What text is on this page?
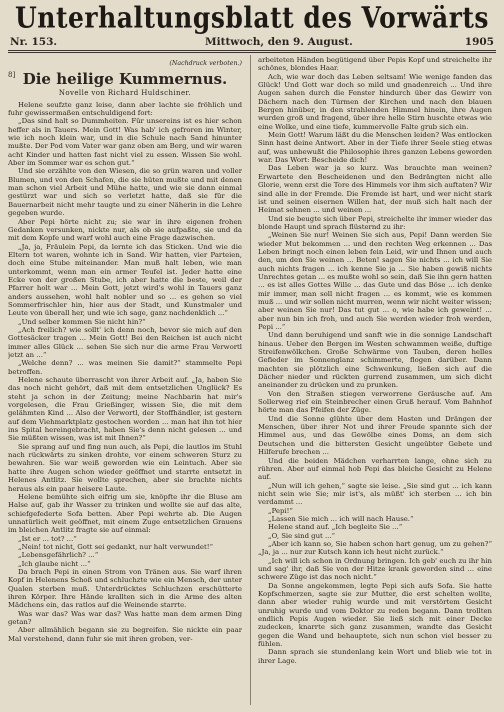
Unterhaltungsblatt des Vorwärts
Nr. 153.	Mittwoch, den 9. August.	1905
(Nachdruck verboten.)
Die heilige Kummernus.
Novelle von Richard Huldschiner.

Helene seufzte ganz leise, dann aber lachte sie fröhlich und fuhr gewissermaßen entschuldigend fort:

„Das sind halt so Dummheiten. Für unsereins ist es hier schon heffer als in Tauers. Mein Gott! Was hab' ich gefroren im Winter, wie ich noch klein war, und in die Schule nach Sand hinunter mußte. Der Pod vom Vater war ganz oben am Berg, und wir waren acht Kinder und hatten fast nicht viel zu essen. Wissen Sie wohl. Aber im Sommer war es schon gut.“

Und sie erzählte von den Wiesen, die so grün waren und voller Blumen, und von den Schafen, die sie hüten mußte und mit denen man schon viel Arbeit und Mühe hatte, und wie sie dann einmal gestürzt war und sich so verletzt hatte, daß sie für die Bauernarbeit nicht mehr taugte und zu einer Näherin in die Lehre gegeben wurde.

Aber Pepi hörte nicht zu; sie war in ihre eigenen frohen Gedanken versunken, nickte nur, als ob sie aufpaßte, sie und da mit dem Kopfe und warf wohl auch eine Frage dazwischen.

„Ja, ja, Fräulein Pepi, da lernte ich das Sticken. Und wie die Eltern tot waren, wohnte ich in Sand. Wir hatten, vier Parteien, doch eine Stube miteinander. Man muß halt leben, wie man unterkommt, wenn man ein armer Teufel ist. Jeder hatte eine Ecke von der großen Stube, ich aber hatte die beste, weil der Pfarrer holt war ... Mein Gott, jetzt wird's wohl in Tauers ganz anders aussehen, wohl halt nobler und so ... es gehen so viel Sommerfrischler hin, hier aus der Stadt, und Kunstmaler und Leute von überall her, und wie ich sage, ganz nachdenklich ...“

„Und selber kommen Sie nicht hin?“

„Ach freilich? wie sollt' ich denn noch, bevor sie mich auf den Gottesäcker tragen ... Mein Gott! Bei den Reichen ist auch nicht immer alles Glück ... sehen Sie sich nur die arme Frau Verwortl jetzt an ...“

„Welche denn? ... was meinen Sie damit?“ stammelte Pepi betroffen.

Helene schaute überrascht von ihrer Arbeit auf. „Ja, haben Sie das noch nicht gehört, daß mit dem entsetzlichen Unglück? Es steht ja schon in der Zeitung; meine Nachbarin hat mir's vorgelesen, die Frau Grießinger, wissen Sie, die mit dem gelähmten Kind ... Also der Verwortl, der Stoffhändler, ist gestern auf dem Viehmarktplatz gestochen worden ... man hat ihn tot hier ins Spital hereingebracht, haben Sie's denn nicht gelesen ... und Sie müßten wissen, was ist mit Ihnen?“

Sie sprang auf und fing nun auch, als Pepi, die lautlos im Stuhl nach rückwärts zu sinken drohte, vor einem schweren Sturz zu bewahren. Sie war weiß geworden wie ein Leintuch. Aber sie hatte ihre Augen schon wieder geöffnet und starrte entsetzt in Helenes Antlitz. Sie wollte sprechen, aber sie brachte nichts heraus als ein paar heisere Laute.

Helene bemühte sich eifrig um sie, knöpfte ihr die Bluse am Halse auf, gab ihr Wasser zu trinken und wollte sie auf das alte, schiefgefederte Sofa betten. Aber Pepi wehrte ab. Die Augen unnatürlich weit geöffnet, mit einem Zuge entsetzlichen Grauens im bleichen Antlitz fragte sie auf einmal:

„Ist er ... tot? ...“

„Nein! tot nicht, Gott sei gedankt, nur halt verwundet!“

„Lebensgefährlich? ...“

„Ich glaube nicht ...“

Da brach Pepi in einen Strom von Tränen aus. Sie warf ihren Kopf in Helenens Schoß und schluchzte wie ein Mensch, der unter Qualen sterben muß. Unterdrücktes Schluchzen erschütterte ihren Körper. Ihre Hände krallten sich in die Arme des alten Mädchens ein, das ratlos auf die Weinende starrte.

Was war das? Was war das? Was hatte man dem armen Ding getan?

Aber allmählich begann sie zu begreifen. Sie nickte ein paar Mal verstehend, dann fuhr sie mit ihren groben, ver-

8]

arbeiteten Händen begütigend über Pepis Kopf und streichelte ihr schönes, blondes Haar.

Ach, wie war doch das Leben seltsam! Wie wenige fanden das Glück! Und Gott war doch so mild und gnadenreich ... Und ihre Augen sahen durch die Fenster hindurch über das Gewirr von Dächern nach den Türmen der Kirchen und nach den blauen Bergen hinüber, in den strahlenden Himmel hinein, ihre Augen wurden groß und fragend, über ihre helle Stirn huschte etwas wie eine Wolke, und eine tiefe, kummervolle Falte grub sich ein.

Mein Gott! Warum läßt du die Menschen leiden? Was entlocken Sinn hast deine Antwort. Aber in der Tiefe ihrer Seele stieg etwas auf, was unbewußt die Philosophie ihres ganzen Lebens geworden war. Das Wort: Bescheide dich!

Das Leben war ja so kurz. Was brauchte man weinen? Erwartete den Bescheidenen und den Bedrängten nicht alle Glorie, wenn erst die Tore des Himmels vor ihm sich auftaten? Wir sind alle in der Fremde. Die Fremde ist hart, und wer nicht stark ist und seinen eisernen Willen hat, der muß sich halt nach der Heimat sehnen ... und weinen ...

Und sie beugte sich über Pepi, streichelte ihr immer wieder das blonde Haupt und sprach flüsternd zu ihr:

„Weinen Sie nur! Weinen Sie sich aus, Pepi! Dann werden Sie wieder Mut bekommen ... und den rechten Weg erkennen ... Das Leben bringt noch einen leben fein Leid, wir und Ihnen und auch den, um den Sie weinen ... Beten! sagen Sie nichts ... ich will Sie auch nichts fragen ... ich kenne Sie ja ... Sie haben gewiß nichts Unrechtes getan ... es mußte wohl so sein, daß Sie ihn gern hatten ... es ist alles Gottes Wille ... das Gute und das Böse ... ich denke mir immer, man soll nicht fragen ... es kommt, wie es kommen muß ... und wir sollen nicht murren, wenn wir nicht weiter wissen; aber weinen Sie nur! Das tut gut ... o, wie habe ich geweint! ... aber nun bin ich froh, und auch Sie werden wieder froh werden, Pepi ...“

Und dann beruhigend und sanft wie in die sonnige Landschaft hinaus. Ueber den Bergen im Westen schwammen weiße, duftige Streifenwölkchen. Große Schwärme von Tauben, deren helles Gefieder im Sonnenglanz schimmerte, flogen darüber. Dann machten sie plötzlich eine Schwenkung, ließen sich auf die Dächer nieder und rückten gurrend zusammen, um sich dicht aneinander zu drücken und zu prunken.

Von den Straßen stiegen verworrene Geräusche auf. Am Sollerweg rief ein Steinbrecher einen Gruß herauf. Vom Bahnhof hörte man das Pfeifen der Züge.

Und die Sonne glühte über dem Hasten und Drängen der Menschen, über ihrer Not und ihrer Freude spannte sich der Himmel aus, und das Gewölbe eines Doms, an dem sich Deutschen und die bittersten Gesicht ungeübter Gebete und Hilferufe brechen ...

Und die beiden Mädchen verharrten lange, ohne sich zu rühren. Aber auf einmal hob Pepi das bleiche Gesicht zu Helene auf.

„Nun will ich gehen,“ sagte sie leise. „Sie sind gut ... ich kann nicht sein wie Sie; mir ist's, als müßt' ich sterben ... ich bin verdammt ...

„Pepi!“

„Lassen Sie mich ... ich will nach Hause.“

Helene stand auf. „Ich begleite Sie ...“

„O, Sie sind gut ...“

„Aber ich kann so, Sie haben schon hart genug, um zu gehen?“ „Ja, ja ... nur zur Kutsch kann ich heut nicht zurück.“

„Ich will ich schon in Ordnung bringen. Ich geb' euch zu ihr hin und sag' ihr, daß Sie von der Hitze krank geworden sind ... eine schwere Züge ist das noch nicht.“

Da Sonne angekommen, legte Pepi sich aufs Sofa. Sie hatte Kopfschmerzen, sagte sie zur Mutter, die erst schelten wollte, dann aber wieder ruhig wurde und mit verstörtem Gesicht unruhig wurde und vom Doktor zu reden begann. Dann trollten endlich Pepis Augen wieder. Sie ließ sich mit einer Decke zudecken, knarrte sich ganz zusammen, wandte das Gesicht gegen die Wand und behauptete, sich nun schon viel besser zu fühlen.

Dann sprach sie stundenlang kein Wort und blieb wie tot in ihrer Lage.
